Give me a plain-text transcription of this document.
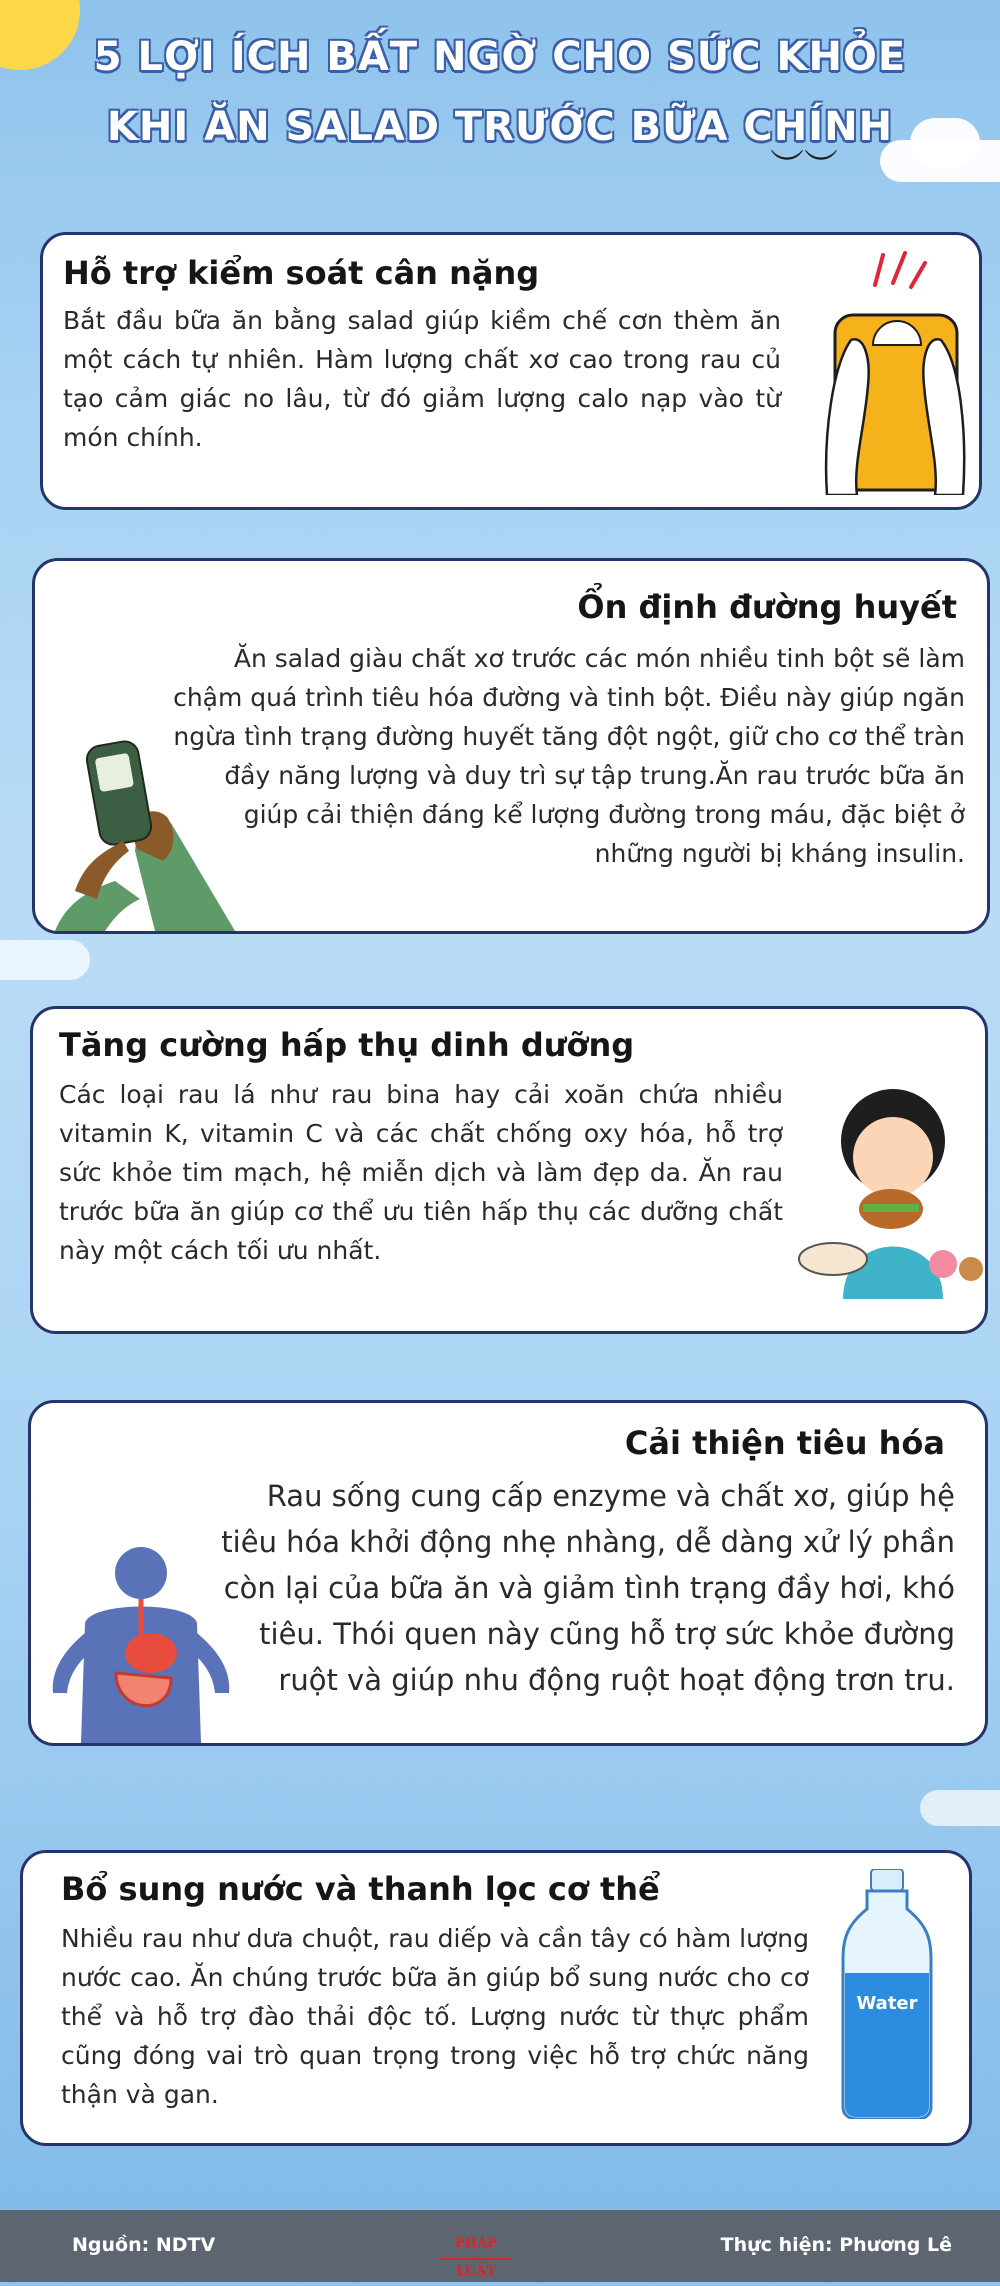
︶︶
5 LỢI ÍCH BẤT NGỜ CHO SỨC KHỎE
KHI ĂN SALAD TRƯỚC BỮA CHÍNH
Hỗ trợ kiểm soát cân nặng
Bắt đầu bữa ăn bằng salad giúp kiềm chế cơn thèm ăn một cách tự nhiên. Hàm lượng chất xơ cao trong rau củ tạo cảm giác no lâu, từ đó giảm lượng calo nạp vào từ món chính.
Ổn định đường huyết
Ăn salad giàu chất xơ trước các món nhiều tinh bột sẽ làm chậm quá trình tiêu hóa đường và tinh bột. Điều này giúp ngăn ngừa tình trạng đường huyết tăng đột ngột, giữ cho cơ thể tràn đầy năng lượng và duy trì sự tập trung.Ăn rau trước bữa ăn giúp cải thiện đáng kể lượng đường trong máu, đặc biệt ở những người bị kháng insulin.
Tăng cường hấp thụ dinh dưỡng
Các loại rau lá như rau bina hay cải xoăn chứa nhiều vitamin K, vitamin C và các chất chống oxy hóa, hỗ trợ sức khỏe tim mạch, hệ miễn dịch và làm đẹp da. Ăn rau trước bữa ăn giúp cơ thể ưu tiên hấp thụ các dưỡng chất này một cách tối ưu nhất.
Cải thiện tiêu hóa
Rau sống cung cấp enzyme và chất xơ, giúp hệ tiêu hóa khởi động nhẹ nhàng, dễ dàng xử lý phần còn lại của bữa ăn và giảm tình trạng đầy hơi, khó tiêu. Thói quen này cũng hỗ trợ sức khỏe đường ruột và giúp nhu động ruột hoạt động trơn tru.
Bổ sung nước và thanh lọc cơ thể
Nhiều rau như dưa chuột, rau diếp và cần tây có hàm lượng nước cao. Ăn chúng trước bữa ăn giúp bổ sung nước cho cơ thể và hỗ trợ đào thải độc tố. Lượng nước từ thực phẩm cũng đóng vai trò quan trọng trong việc hỗ trợ chức năng thận và gan.
Water
Nguồn: NDTV	PHÁP LUẬT
Thực hiện: Phương Lê
